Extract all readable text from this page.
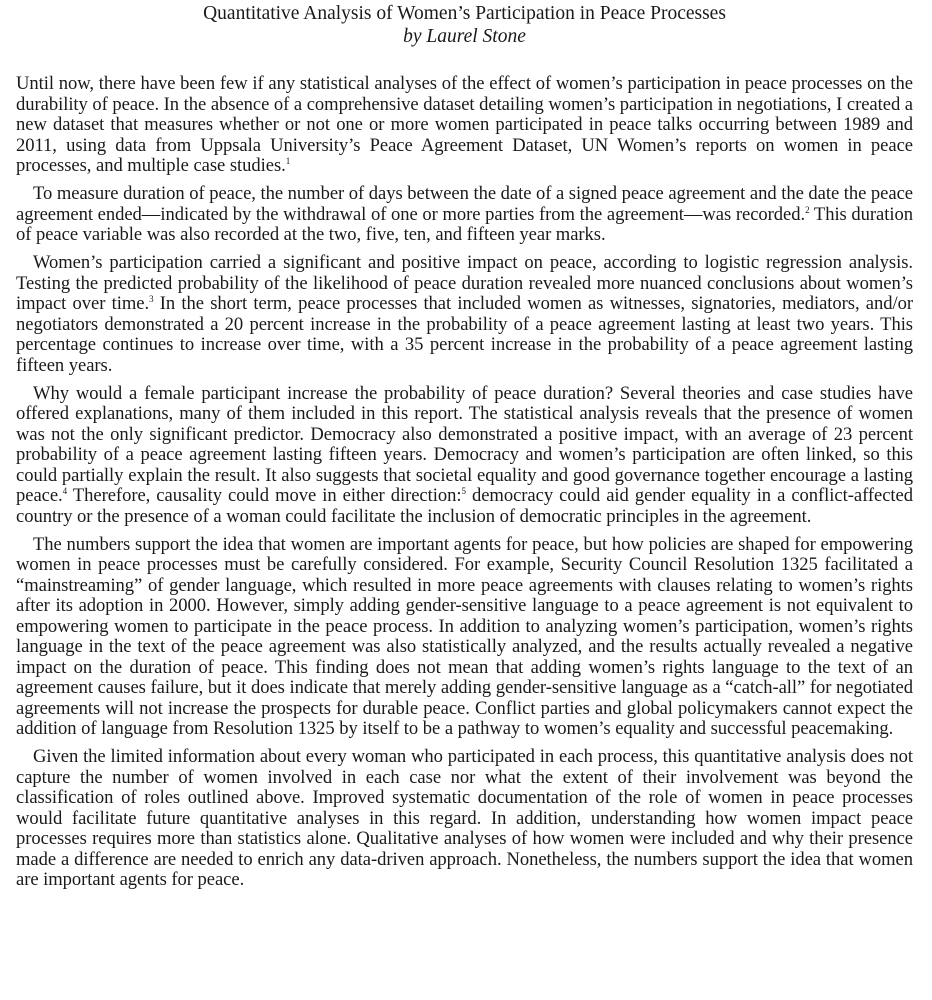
Quantitative Analysis of Women’s Participation in Peace Processes
by Laurel Stone

Until now, there have been few if any statistical analyses of the effect of women’s participation in peace processes on the durability of peace. In the absence of a comprehensive dataset detailing women’s participation in negotiations, I created a new dataset that measures whether or not one or more women participated in peace talks occurring between 1989 and 2011, using data from Uppsala University’s Peace Agreement Dataset, UN Women’s reports on women in peace processes, and multiple case studies.$^1$

To measure duration of peace, the number of days between the date of a signed peace agreement and the date the peace agreement ended—indicated by the withdrawal of one or more parties from the agreement—was recorded.$^2$ This duration of peace variable was also recorded at the two, five, ten, and fifteen year marks.

Women’s participation carried a significant and positive impact on peace, according to logistic regression analysis. Testing the predicted probability of the likelihood of peace duration revealed more nuanced conclusions about women’s impact over time.$^3$ In the short term, peace processes that included women as witnesses, signatories, mediators, and/or negotiators demonstrated a 20 percent increase in the probability of a peace agreement lasting at least two years. This percentage continues to increase over time, with a 35 percent increase in the probability of a peace agreement lasting fifteen years.

Why would a female participant increase the probability of peace duration? Several theories and case studies have offered explanations, many of them included in this report. The statistical analysis reveals that the presence of women was not the only significant predictor. Democracy also demonstrated a positive impact, with an average of 23 percent probability of a peace agreement lasting fifteen years. Democracy and women’s participation are often linked, so this could partially explain the result. It also suggests that societal equality and good governance together encourage a lasting peace.$^4$ Therefore, causality could move in either direction:$^5$ democracy could aid gender equality in a conflict-affected country or the presence of a woman could facilitate the inclusion of democratic principles in the agreement.

The numbers support the idea that women are important agents for peace, but how policies are shaped for empowering women in peace processes must be carefully considered. For example, Security Council Resolution 1325 facilitated a “mainstreaming” of gender language, which resulted in more peace agreements with clauses relating to women’s rights after its adoption in 2000. However, simply adding gender-sensitive language to a peace agreement is not equivalent to empowering women to participate in the peace process. In addition to analyzing women’s participation, women’s rights language in the text of the peace agreement was also statistically analyzed, and the results actually revealed a negative impact on the duration of peace. This finding does not mean that adding women’s rights language to the text of an agreement causes failure, but it does indicate that merely adding gender-sensitive language as a “catch-all” for negotiated agreements will not increase the prospects for durable peace. Conflict parties and global policymakers cannot expect the addition of language from Resolution 1325 by itself to be a pathway to women’s equality and successful peacemaking.

Given the limited information about every woman who participated in each process, this quantitative analysis does not capture the number of women involved in each case nor what the extent of their involvement was beyond the classification of roles outlined above. Improved systematic documentation of the role of women in peace processes would facilitate future quantitative analyses in this regard. In addition, understanding how women impact peace processes requires more than statistics alone. Qualitative analyses of how women were included and why their presence made a difference are needed to enrich any data-driven approach. Nonetheless, the numbers support the idea that women are important agents for peace.
